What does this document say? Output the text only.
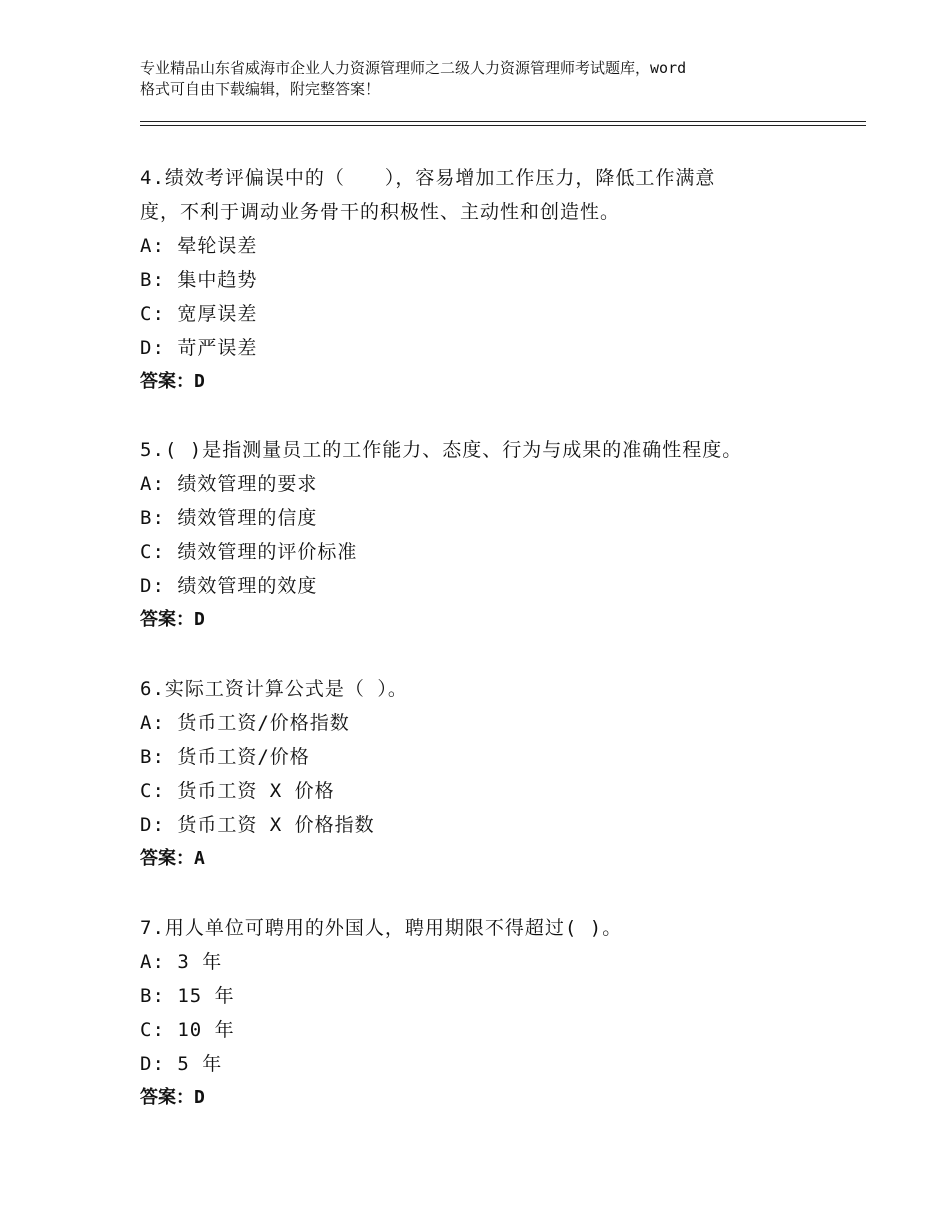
专业精品山东省威海市企业人力资源管理师之二级人力资源管理师考试题库，word
格式可自由下载编辑，附完整答案！

4.绩效考评偏误中的（　　），容易增加工作压力，降低工作满意

度，不利于调动业务骨干的积极性、主动性和创造性。

A: 晕轮误差

B: 集中趋势

C: 宽厚误差

D: 苛严误差

答案：D

5.( )是指测量员工的工作能力、态度、行为与成果的准确性程度。

A: 绩效管理的要求

B: 绩效管理的信度

C: 绩效管理的评价标准

D: 绩效管理的效度

答案：D

6.实际工资计算公式是（ ）。

A: 货币工资/价格指数

B: 货币工资/价格

C: 货币工资 X 价格

D: 货币工资 X 价格指数

答案：A

7.用人单位可聘用的外国人，聘用期限不得超过( )。

A: 3 年

B: 15 年

C: 10 年

D: 5 年

答案：D
